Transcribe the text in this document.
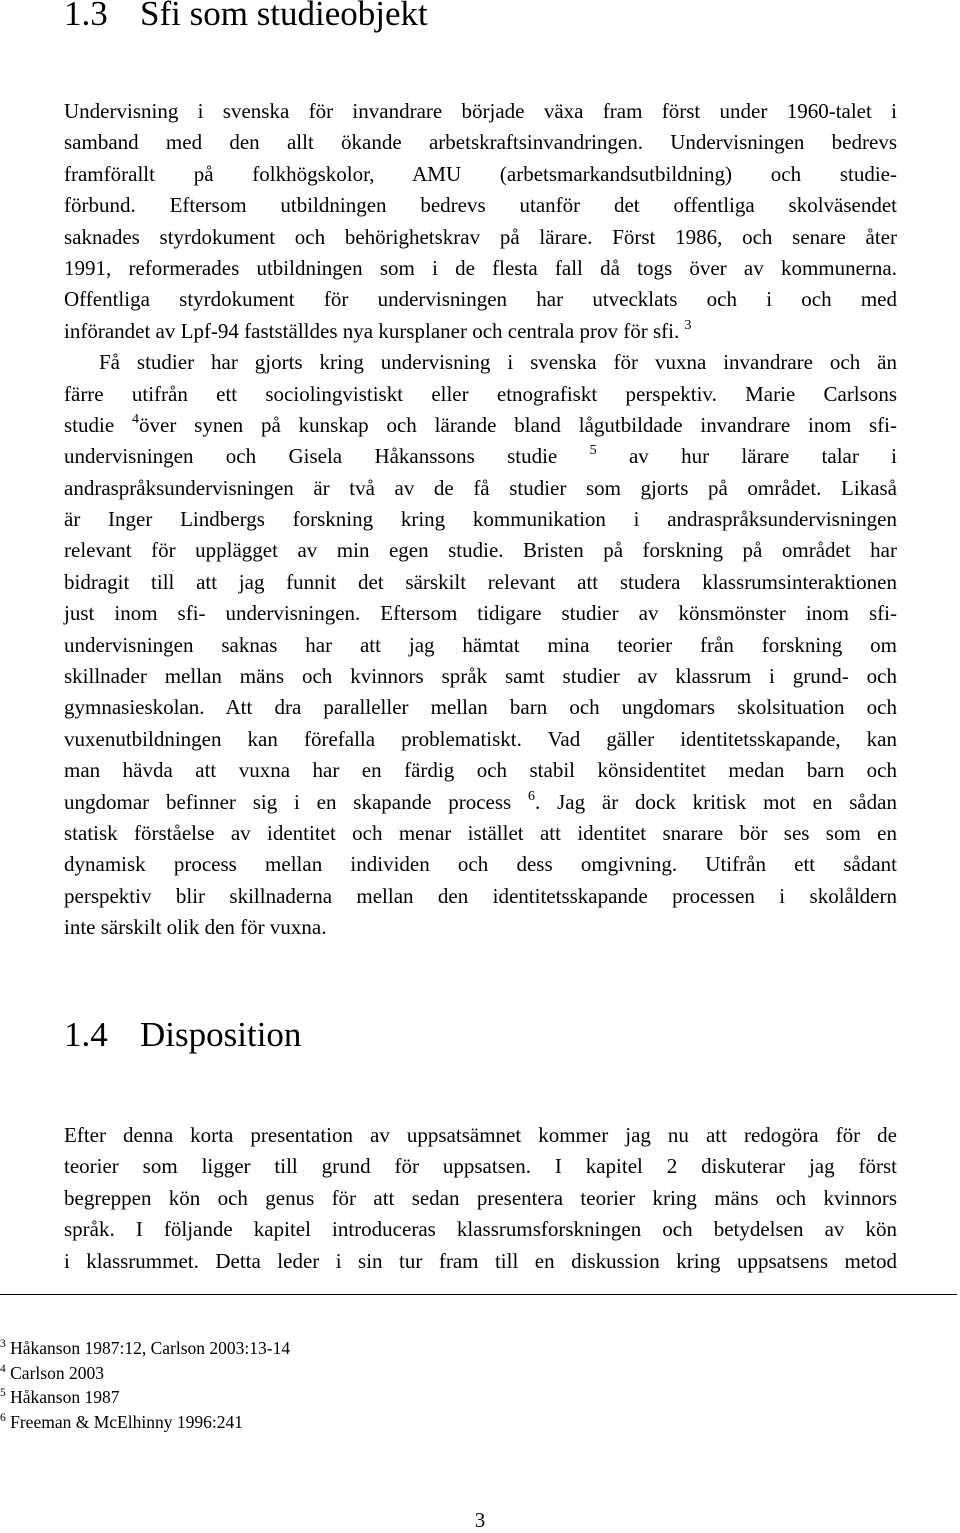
1.3 Sfi som studieobjekt
Undervisning i svenska för invandrare började växa fram först under 1960-talet i
samband med den allt ökande arbetskraftsinvandringen. Undervisningen bedrevs
framförallt på folkhögskolor, AMU (arbetsmarkandsutbildning) och studie-
förbund. Eftersom utbildningen bedrevs utanför det offentliga skolväsendet
saknades styrdokument och behörighetskrav på lärare. Först 1986, och senare åter
1991, reformerades utbildningen som i de flesta fall då togs över av kommunerna.
Offentliga styrdokument för undervisningen har utvecklats och i och med
införandet av Lpf-94 fastställdes nya kursplaner och centrala prov för sfi. $^3$
Få studier har gjorts kring undervisning i svenska för vuxna invandrare och än
färre utifrån ett sociolingvistiskt eller etnografiskt perspektiv. Marie Carlsons
studie $^4$över synen på kunskap och lärande bland lågutbildade invandrare inom sfi-
undervisningen och Gisela Håkanssons studie $^5$ av hur lärare talar i
andraspråksundervisningen är två av de få studier som gjorts på området. Likaså
är Inger Lindbergs forskning kring kommunikation i andraspråksundervisningen
relevant för upplägget av min egen studie. Bristen på forskning på området har
bidragit till att jag funnit det särskilt relevant att studera klassrumsinteraktionen
just inom sfi- undervisningen. Eftersom tidigare studier av könsmönster inom sfi-
undervisningen saknas har att jag hämtat mina teorier från forskning om
skillnader mellan mäns och kvinnors språk samt studier av klassrum i grund- och
gymnasieskolan. Att dra paralleller mellan barn och ungdomars skolsituation och
vuxenutbildningen kan förefalla problematiskt. Vad gäller identitetsskapande, kan
man hävda att vuxna har en färdig och stabil könsidentitet medan barn och
ungdomar befinner sig i en skapande process $^6$. Jag är dock kritisk mot en sådan
statisk förståelse av identitet och menar istället att identitet snarare bör ses som en
dynamisk process mellan individen och dess omgivning. Utifrån ett sådant
perspektiv blir skillnaderna mellan den identitetsskapande processen i skolåldern
inte särskilt olik den för vuxna.
1.4 Disposition
Efter denna korta presentation av uppsatsämnet kommer jag nu att redogöra för de
teorier som ligger till grund för uppsatsen. I kapitel 2 diskuterar jag först
begreppen kön och genus för att sedan presentera teorier kring mäns och kvinnors
språk. I följande kapitel introduceras klassrumsforskningen och betydelsen av kön
i klassrummet. Detta leder i sin tur fram till en diskussion kring uppsatsens metod
$^3$ Håkanson 1987:12, Carlson 2003:13-14
$^4$ Carlson 2003
$^5$ Håkanson 1987
$^6$ Freeman & McElhinny 1996:241
3
